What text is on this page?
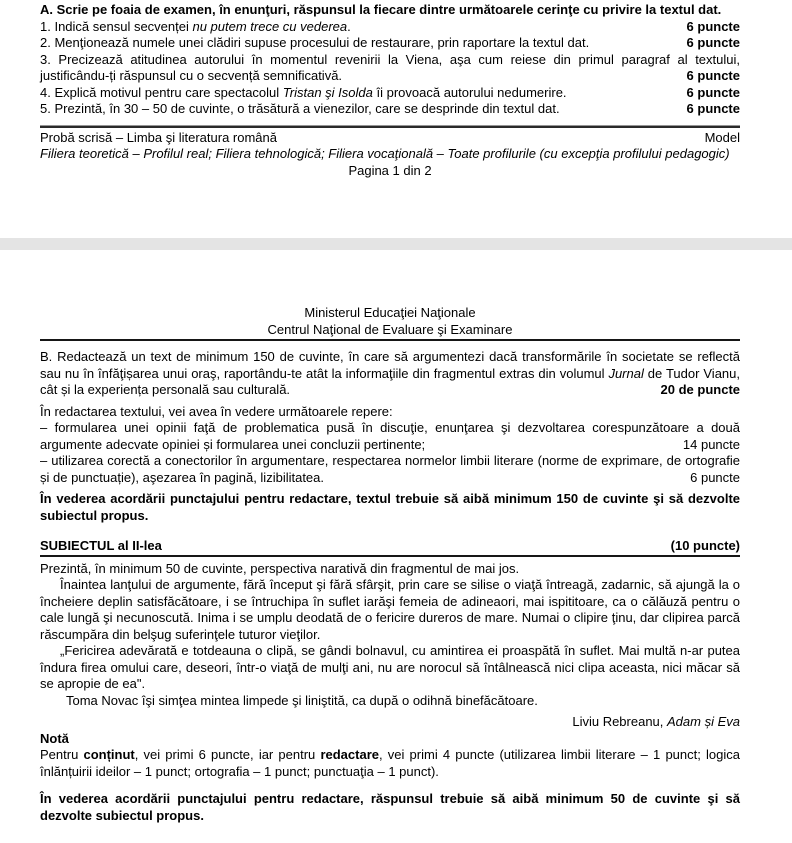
A. Scrie pe foaia de examen, în enunţuri, răspunsul la fiecare dintre următoarele cerinţe cu privire la textul dat.

1. Indică sensul secvenței nu putem trece cu vederea.	6 puncte

2. Menţionează numele unei clădiri supuse procesului de restaurare, prin raportare la textul dat.	6 puncte

3. Precizează atitudinea autorului în momentul revenirii la Viena, aşa cum reiese din primul paragraf al textului, justificându-ți răspunsul cu o secvență semnificativă.	6 puncte

4. Explică motivul pentru care spectacolul Tristan şi Isolda îi provoacă autorului nedumerire.	6 puncte

5. Prezintă, în 30 – 50 de cuvinte, o trăsătură a vienezilor, care se desprinde din textul dat.	6 puncte
Probă scrisă – Limba şi literatura română	Model

Filiera teoretică – Profilul real; Filiera tehnologică; Filiera vocaţională – Toate profilurile (cu excepţia profilului pedagogic)

Pagina 1 din 2

Ministerul Educaţiei Naţionale

Centrul Naţional de Evaluare şi Examinare

B. Redactează un text de minimum 150 de cuvinte, în care să argumentezi dacă transformările în societate se reflectă sau nu în înfăţișarea unui oraş, raportându-te atât la informaţiile din fragmentul extras din volumul Jurnal de Tudor Vianu, cât și la experiența personală sau culturală.	20 de puncte

În redactarea textului, vei avea în vedere următoarele repere:

– formularea unei opinii faţă de problematica pusă în discuţie, enunţarea şi dezvoltarea corespunzătoare a două argumente adecvate opiniei și formularea unei concluzii pertinente;	14 puncte

– utilizarea corectă a conectorilor în argumentare, respectarea normelor limbii literare (norme de exprimare, de ortografie și de punctuație), aşezarea în pagină, lizibilitatea.	6 puncte

În vederea acordării punctajului pentru redactare, textul trebuie să aibă minimum 150 de cuvinte şi să dezvolte subiectul propus.

SUBIECTUL al II-lea	(10 puncte)

Prezintă, în minimum 50 de cuvinte, perspectiva narativă din fragmentul de mai jos.

Înaintea lanţului de argumente, fără început şi fără sfârşit, prin care se silise o viaţă întreagă, zadarnic, să ajungă la o încheiere deplin satisfăcătoare, i se întruchipa în suflet iarăşi femeia de adineaori, mai ispititoare, ca o călăuză pentru o cale lungă şi necunoscută. Inima i se umplu deodată de o fericire dureros de mare. Numai o clipire ţinu, dar clipirea parcă răscumpăra din belşug suferinţele tuturor vieţilor.

„Fericirea adevărată e totdeauna o clipă, se gândi bolnavul, cu amintirea ei proaspătă în suflet. Mai multă n-ar putea îndura firea omului care, deseori, într-o viaţă de mulţi ani, nu are norocul să întâlnească nici clipa aceasta, nici măcar să se apropie de ea".

Toma Novac îşi simţea mintea limpede şi liniştită, ca după o odihnă binefăcătoare.

Liviu Rebreanu, Adam și Eva

Notă

Pentru conținut, vei primi 6 puncte, iar pentru redactare, vei primi 4 puncte (utilizarea limbii literare – 1 punct; logica înlănțuirii ideilor – 1 punct; ortografia – 1 punct; punctuaţia – 1 punct).

În vederea acordării punctajului pentru redactare, răspunsul trebuie să aibă minimum 50 de cuvinte şi să dezvolte subiectul propus.
